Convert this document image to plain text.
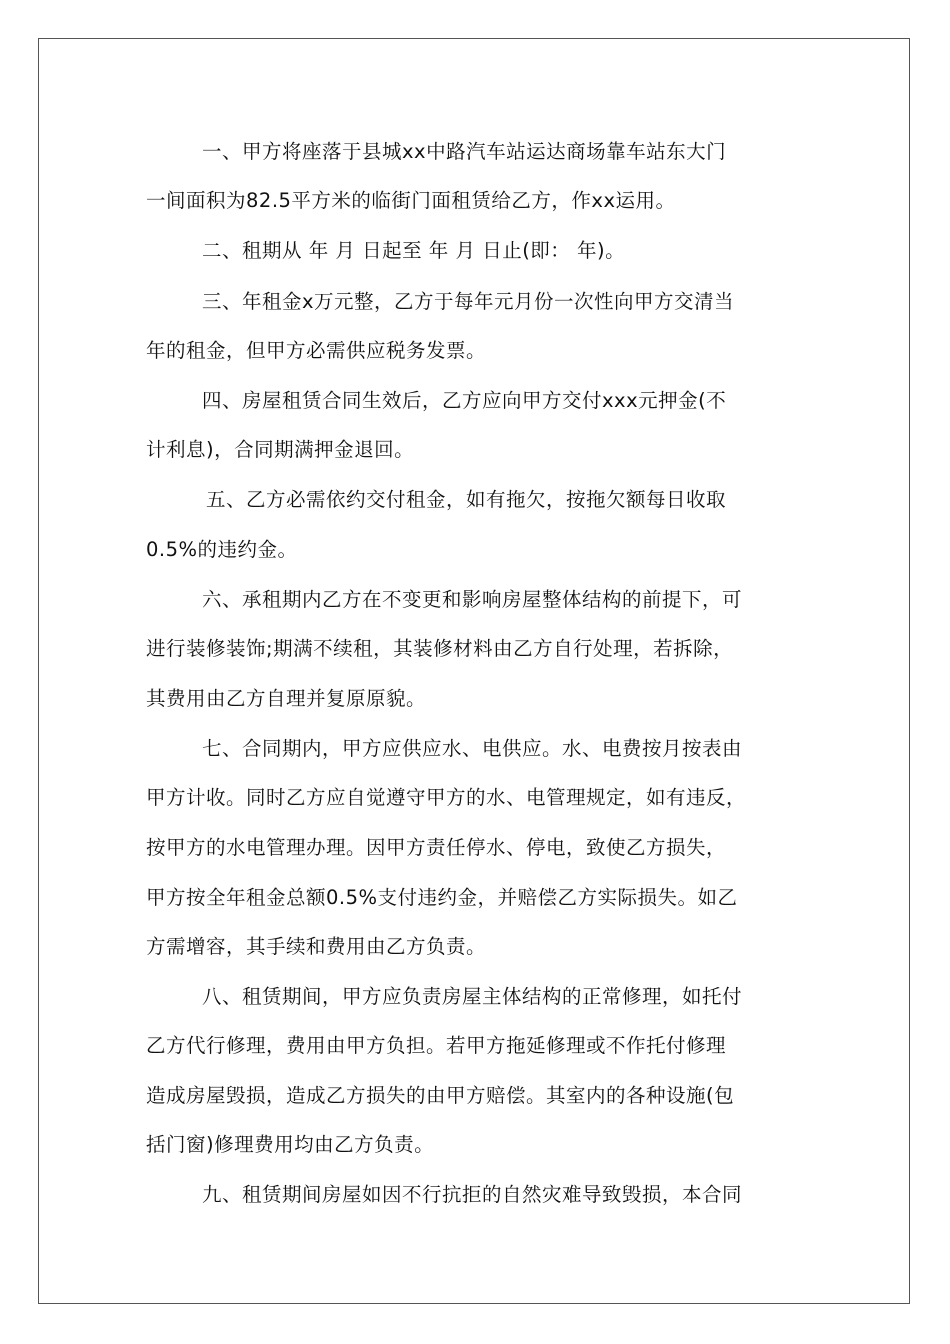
一、甲方将座落于县城xx中路汽车站运达商场靠车站东大门
一间面积为82.5平方米的临街门面租赁给乙方，作xx运用。
二、租期从 年 月 日起至 年 月 日止(即： 年)。
三、年租金x万元整，乙方于每年元月份一次性向甲方交清当
年的租金，但甲方必需供应税务发票。
四、房屋租赁合同生效后，乙方应向甲方交付xxx元押金(不
计利息)，合同期满押金退回。
五、乙方必需依约交付租金，如有拖欠，按拖欠额每日收取
0.5%的违约金。
六、承租期内乙方在不变更和影响房屋整体结构的前提下，可
进行装修装饰;期满不续租，其装修材料由乙方自行处理，若拆除，
其费用由乙方自理并复原原貌。
七、合同期内，甲方应供应水、电供应。水、电费按月按表由
甲方计收。同时乙方应自觉遵守甲方的水、电管理规定，如有违反，
按甲方的水电管理办理。因甲方责任停水、停电，致使乙方损失，
甲方按全年租金总额0.5%支付违约金，并赔偿乙方实际损失。如乙
方需增容，其手续和费用由乙方负责。
八、租赁期间，甲方应负责房屋主体结构的正常修理，如托付
乙方代行修理，费用由甲方负担。若甲方拖延修理或不作托付修理
造成房屋毁损，造成乙方损失的由甲方赔偿。其室内的各种设施(包
括门窗)修理费用均由乙方负责。
九、租赁期间房屋如因不行抗拒的自然灾难导致毁损，本合同
